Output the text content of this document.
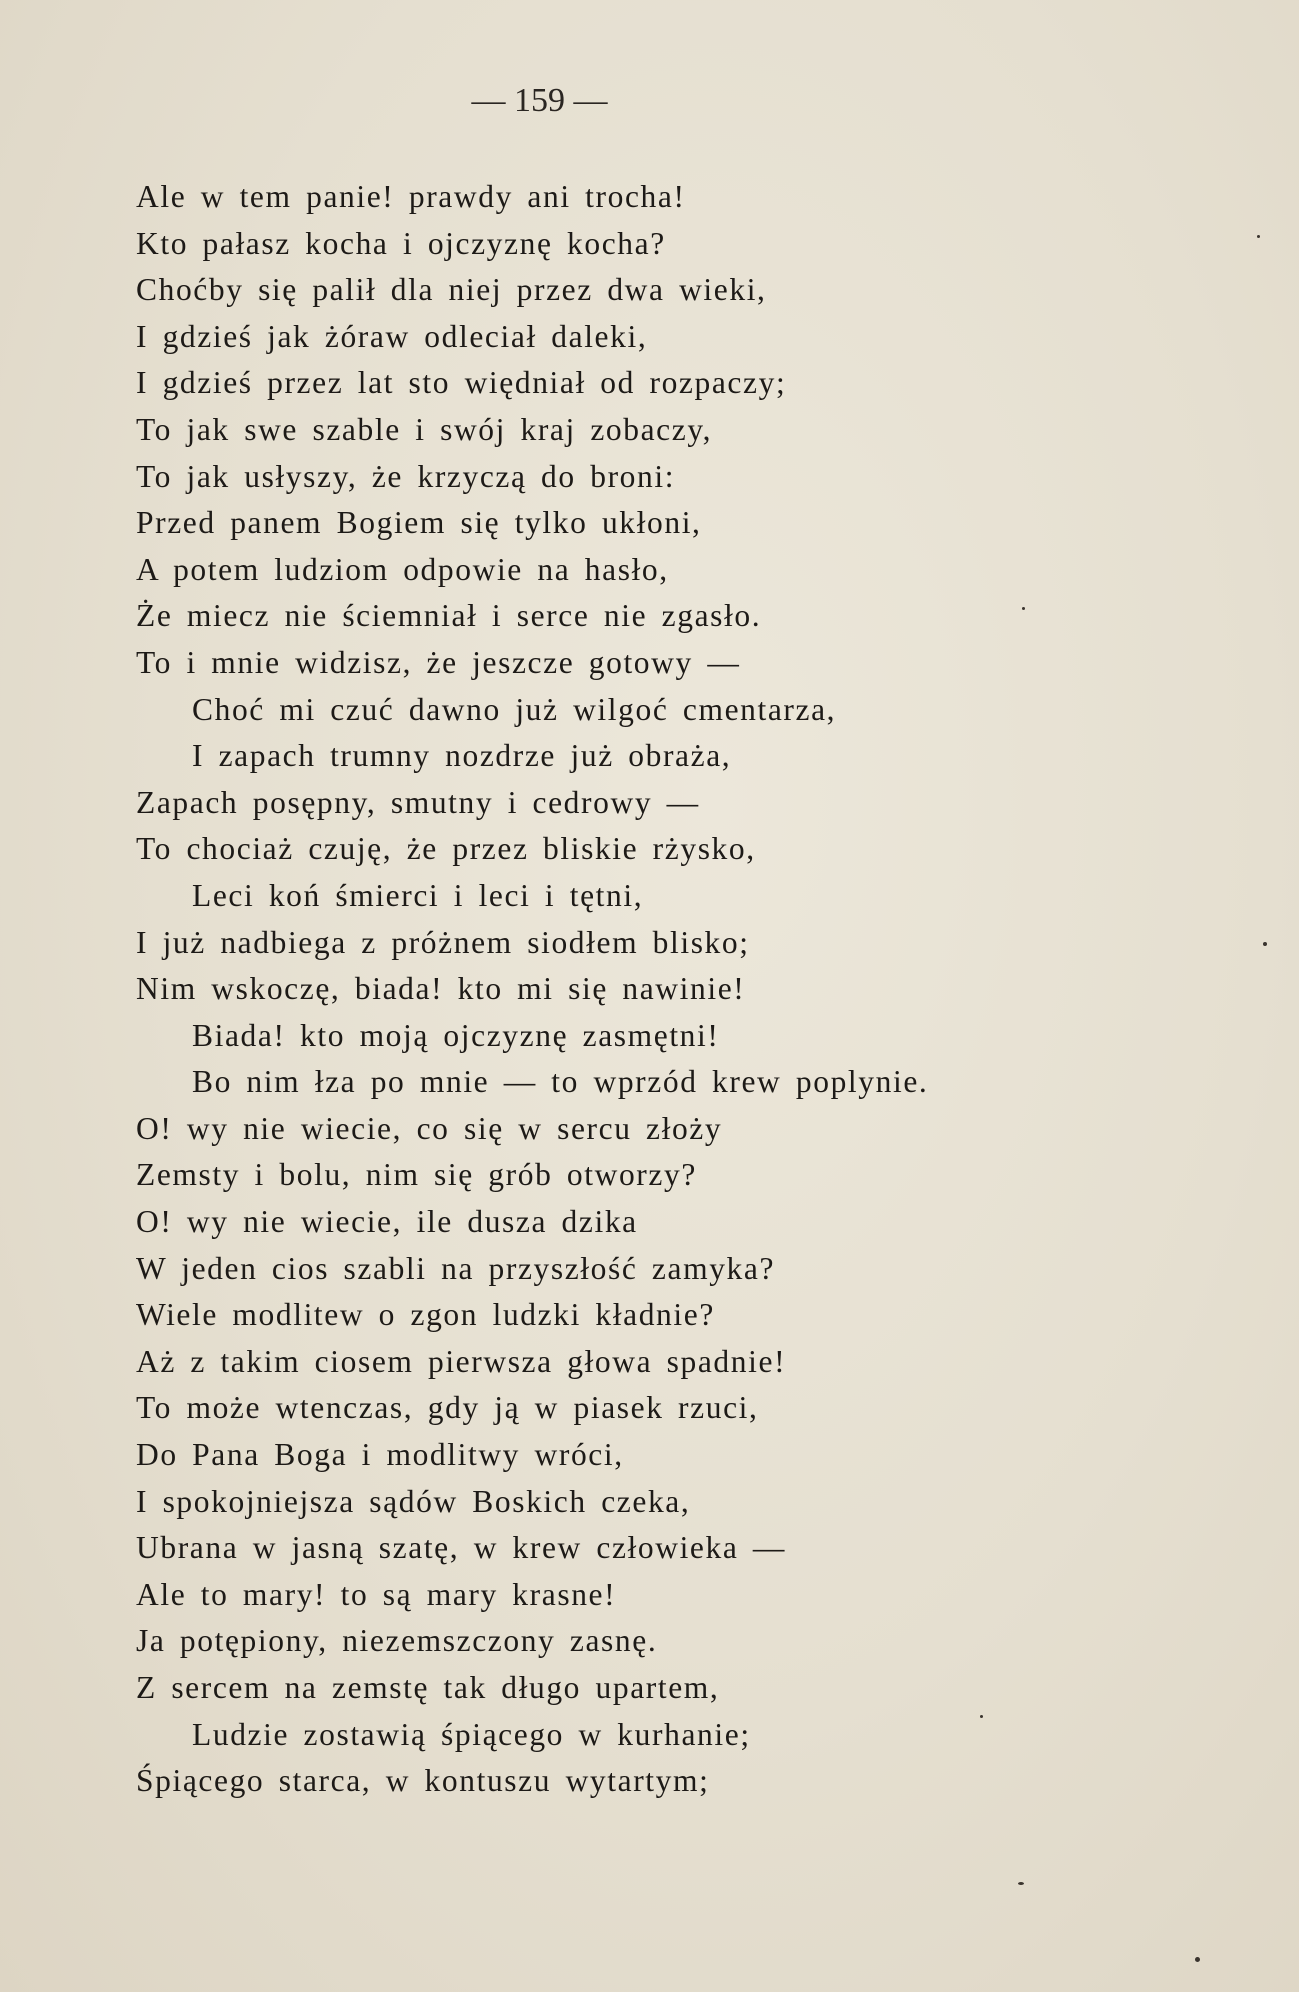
— 159 —
Ale w tem panie! prawdy ani trocha!
Kto pałasz kocha i ojczyznę kocha?
Choćby się palił dla niej przez dwa wieki,
I gdzieś jak żóraw odleciał daleki,
I gdzieś przez lat sto więdniał od rozpaczy;
To jak swe szable i swój kraj zobaczy,
To jak usłyszy, że krzyczą do broni:
Przed panem Bogiem się tylko ukłoni,
A potem ludziom odpowie na hasło,
Że miecz nie ściemniał i serce nie zgasło.
To i mnie widzisz, że jeszcze gotowy —
Choć mi czuć dawno już wilgoć cmentarza,
I zapach trumny nozdrze już obraża,
Zapach posępny, smutny i cedrowy —
To chociaż czuję, że przez bliskie rżysko,
Leci koń śmierci i leci i tętni,
I już nadbiega z próżnem siodłem blisko;
Nim wskoczę, biada! kto mi się nawinie!
Biada! kto moją ojczyznę zasmętni!
Bo nim łza po mnie — to wprzód krew poplynie.
O! wy nie wiecie, co się w sercu złoży
Zemsty i bolu, nim się grób otworzy?
O! wy nie wiecie, ile dusza dzika
W jeden cios szabli na przyszłość zamyka?
Wiele modlitew o zgon ludzki kładnie?
Aż z takim ciosem pierwsza głowa spadnie!
To może wtenczas, gdy ją w piasek rzuci,
Do Pana Boga i modlitwy wróci,
I spokojniejsza sądów Boskich czeka,
Ubrana w jasną szatę, w krew człowieka —
Ale to mary! to są mary krasne!
Ja potępiony, niezemszczony zasnę.
Z sercem na zemstę tak długo upartem,
Ludzie zostawią śpiącego w kurhanie;
Śpiącego starca, w kontuszu wytartym;
